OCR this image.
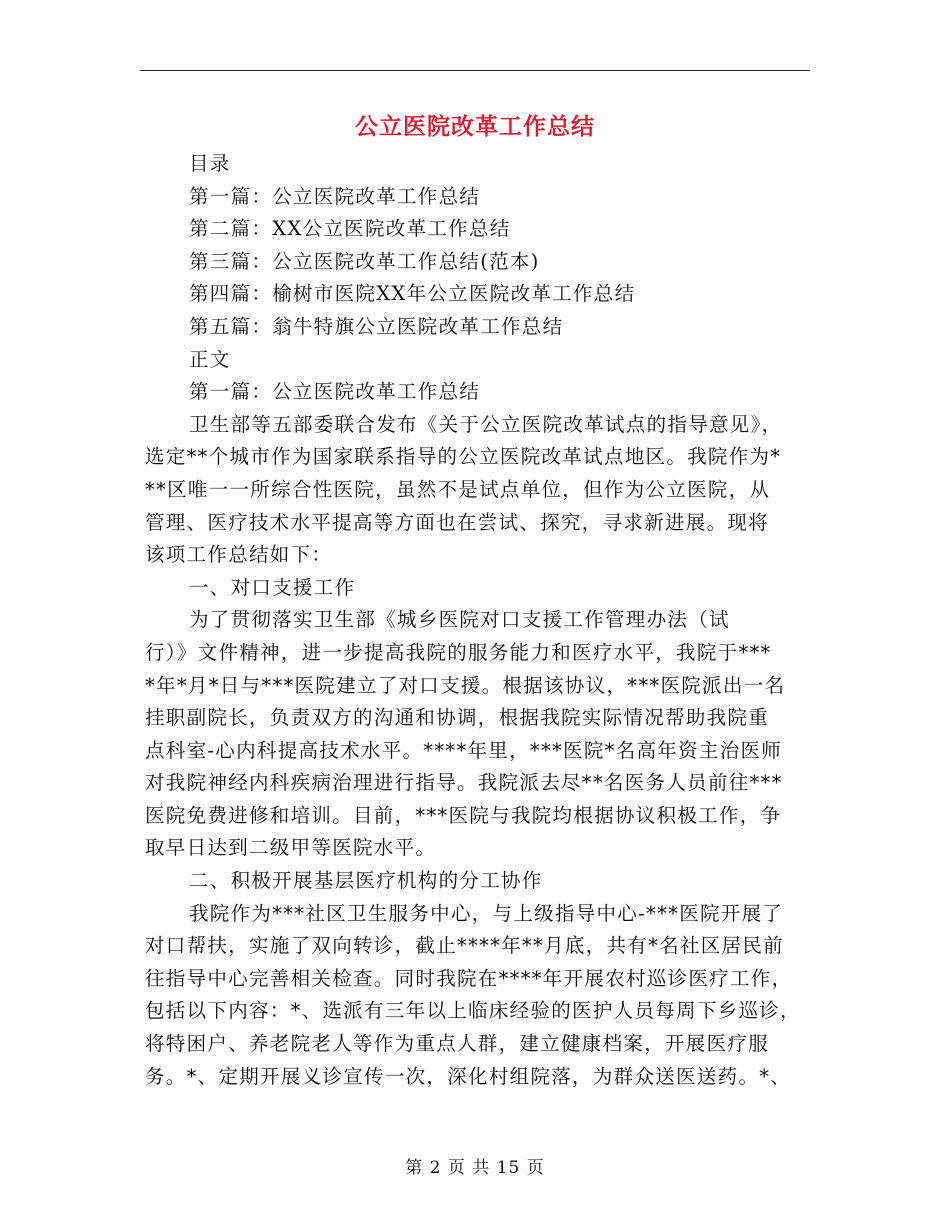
公立医院改革工作总结
目录
第一篇：公立医院改革工作总结
第二篇：XX公立医院改革工作总结
第三篇：公立医院改革工作总结(范本)
第四篇：榆树市医院XX年公立医院改革工作总结
第五篇：翁牛特旗公立医院改革工作总结
正文
第一篇：公立医院改革工作总结
卫生部等五部委联合发布《关于公立医院改革试点的指导意见》，
选定**个城市作为国家联系指导的公立医院改革试点地区。我院作为*
**区唯一一所综合性医院，虽然不是试点单位，但作为公立医院，从
管理、医疗技术水平提高等方面也在尝试、探究，寻求新进展。现将
该项工作总结如下：
一、对口支援工作
为了贯彻落实卫生部《城乡医院对口支援工作管理办法（试
行）》文件精神，进一步提高我院的服务能力和医疗水平，我院于***
*年*月*日与***医院建立了对口支援。根据该协议，***医院派出一名
挂职副院长，负责双方的沟通和协调，根据我院实际情况帮助我院重
点科室-心内科提高技术水平。****年里，***医院*名高年资主治医师
对我院神经内科疾病治理进行指导。我院派去尽**名医务人员前往***
医院免费进修和培训。目前，***医院与我院均根据协议积极工作，争
取早日达到二级甲等医院水平。
二、积极开展基层医疗机构的分工协作
我院作为***社区卫生服务中心，与上级指导中心-***医院开展了
对口帮扶，实施了双向转诊，截止****年**月底，共有*名社区居民前
往指导中心完善相关检查。同时我院在****年开展农村巡诊医疗工作，
包括以下内容：*、选派有三年以上临床经验的医护人员每周下乡巡诊，
将特困户、养老院老人等作为重点人群，建立健康档案，开展医疗服
务。*、定期开展义诊宣传一次，深化村组院落，为群众送医送药。*、
第 2 页 共 15 页
